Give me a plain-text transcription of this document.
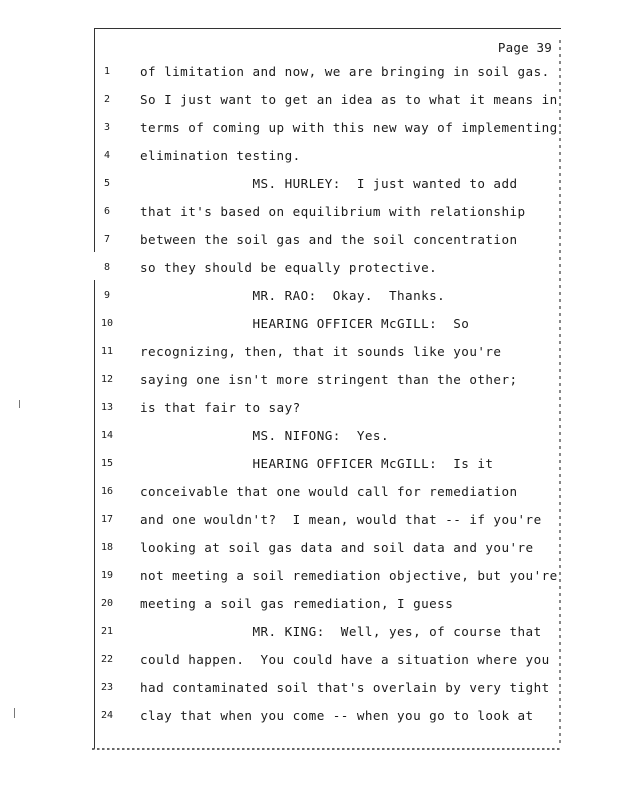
Page 39
1	of limitation and now, we are bringing in soil gas.
2	So I just want to get an idea as to what it means in
3	terms of coming up with this new way of implementing
4	elimination testing.
5	MS. HURLEY:  I just wanted to add
6	that it's based on equilibrium with relationship
7	between the soil gas and the soil concentration
8	so they should be equally protective.
9	MR. RAO:  Okay.  Thanks.
10	HEARING OFFICER McGILL:  So
11	recognizing, then, that it sounds like you're
12	saying one isn't more stringent than the other;
13	is that fair to say?
14	MS. NIFONG:  Yes.
15	HEARING OFFICER McGILL:  Is it
16	conceivable that one would call for remediation
17	and one wouldn't?  I mean, would that -- if you're
18	looking at soil gas data and soil data and you're
19	not meeting a soil remediation objective, but you're
20	meeting a soil gas remediation, I guess
21	MR. KING:  Well, yes, of course that
22	could happen.  You could have a situation where you
23	had contaminated soil that's overlain by very tight
24	clay that when you come -- when you go to look at
